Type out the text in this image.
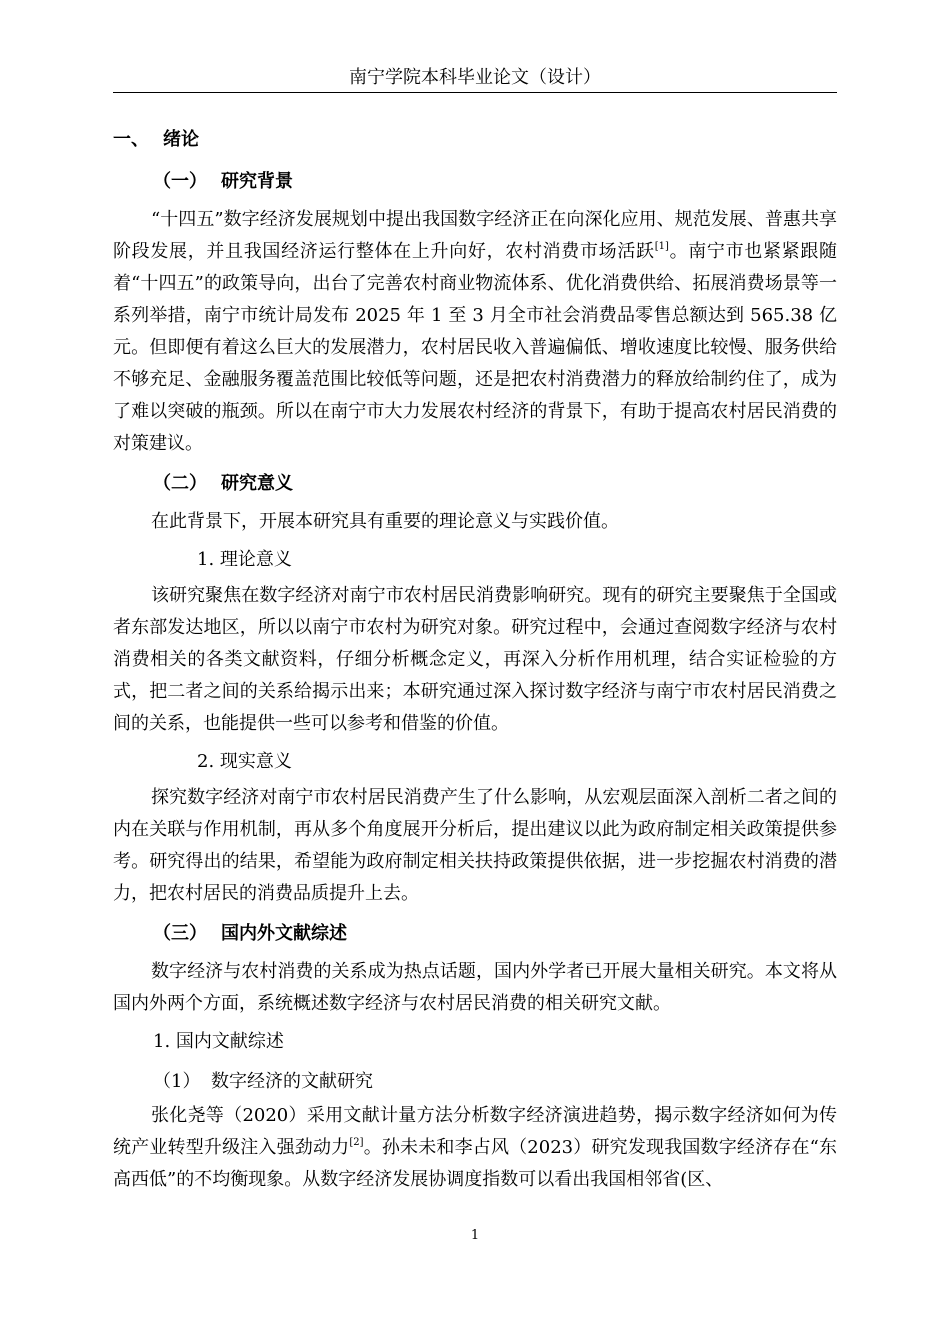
南宁学院本科毕业论文（设计）
一、 绪论
（一） 研究背景

“十四五”数字经济发展规划中提出我国数字经济正在向深化应用、规范发展、普惠共享阶段发展，并且我国经济运行整体在上升向好，农村消费市场活跃[1]。南宁市也紧紧跟随着“十四五”的政策导向，出台了完善农村商业物流体系、优化消费供给、拓展消费场景等一系列举措，南宁市统计局发布 2025 年 1 至 3 月全市社会消费品零售总额达到 565.38 亿元。但即便有着这么巨大的发展潜力，农村居民收入普遍偏低、增收速度比较慢、服务供给不够充足、金融服务覆盖范围比较低等问题，还是把农村消费潜力的释放给制约住了，成为了难以突破的瓶颈。所以在南宁市大力发展农村经济的背景下，有助于提高农村居民消费的对策建议。

（二） 研究意义

在此背景下，开展本研究具有重要的理论意义与实践价值。

1. 理论意义

该研究聚焦在数字经济对南宁市农村居民消费影响研究。现有的研究主要聚焦于全国或者东部发达地区，所以以南宁市农村为研究对象。研究过程中，会通过查阅数字经济与农村消费相关的各类文献资料，仔细分析概念定义，再深入分析作用机理，结合实证检验的方式，把二者之间的关系给揭示出来；本研究通过深入探讨数字经济与南宁市农村居民消费之间的关系，也能提供一些可以参考和借鉴的价值。

2. 现实意义

探究数字经济对南宁市农村居民消费产生了什么影响，从宏观层面深入剖析二者之间的内在关联与作用机制，再从多个角度展开分析后，提出建议以此为政府制定相关政策提供参考。研究得出的结果，希望能为政府制定相关扶持政策提供依据，进一步挖掘农村消费的潜力，把农村居民的消费品质提升上去。

（三） 国内外文献综述

数字经济与农村消费的关系成为热点话题，国内外学者已开展大量相关研究。本文将从国内外两个方面，系统概述数字经济与农村居民消费的相关研究文献。

1. 国内文献综述
（1） 数字经济的文献研究

张化尧等（2020）采用文献计量方法分析数字经济演进趋势，揭示数字经济如何为传统产业转型升级注入强劲动力[2]。孙未未和李占风（2023）研究发现我国数字经济存在“东高西低”的不均衡现象。从数字经济发展协调度指数可以看出我国相邻省(区、

1
